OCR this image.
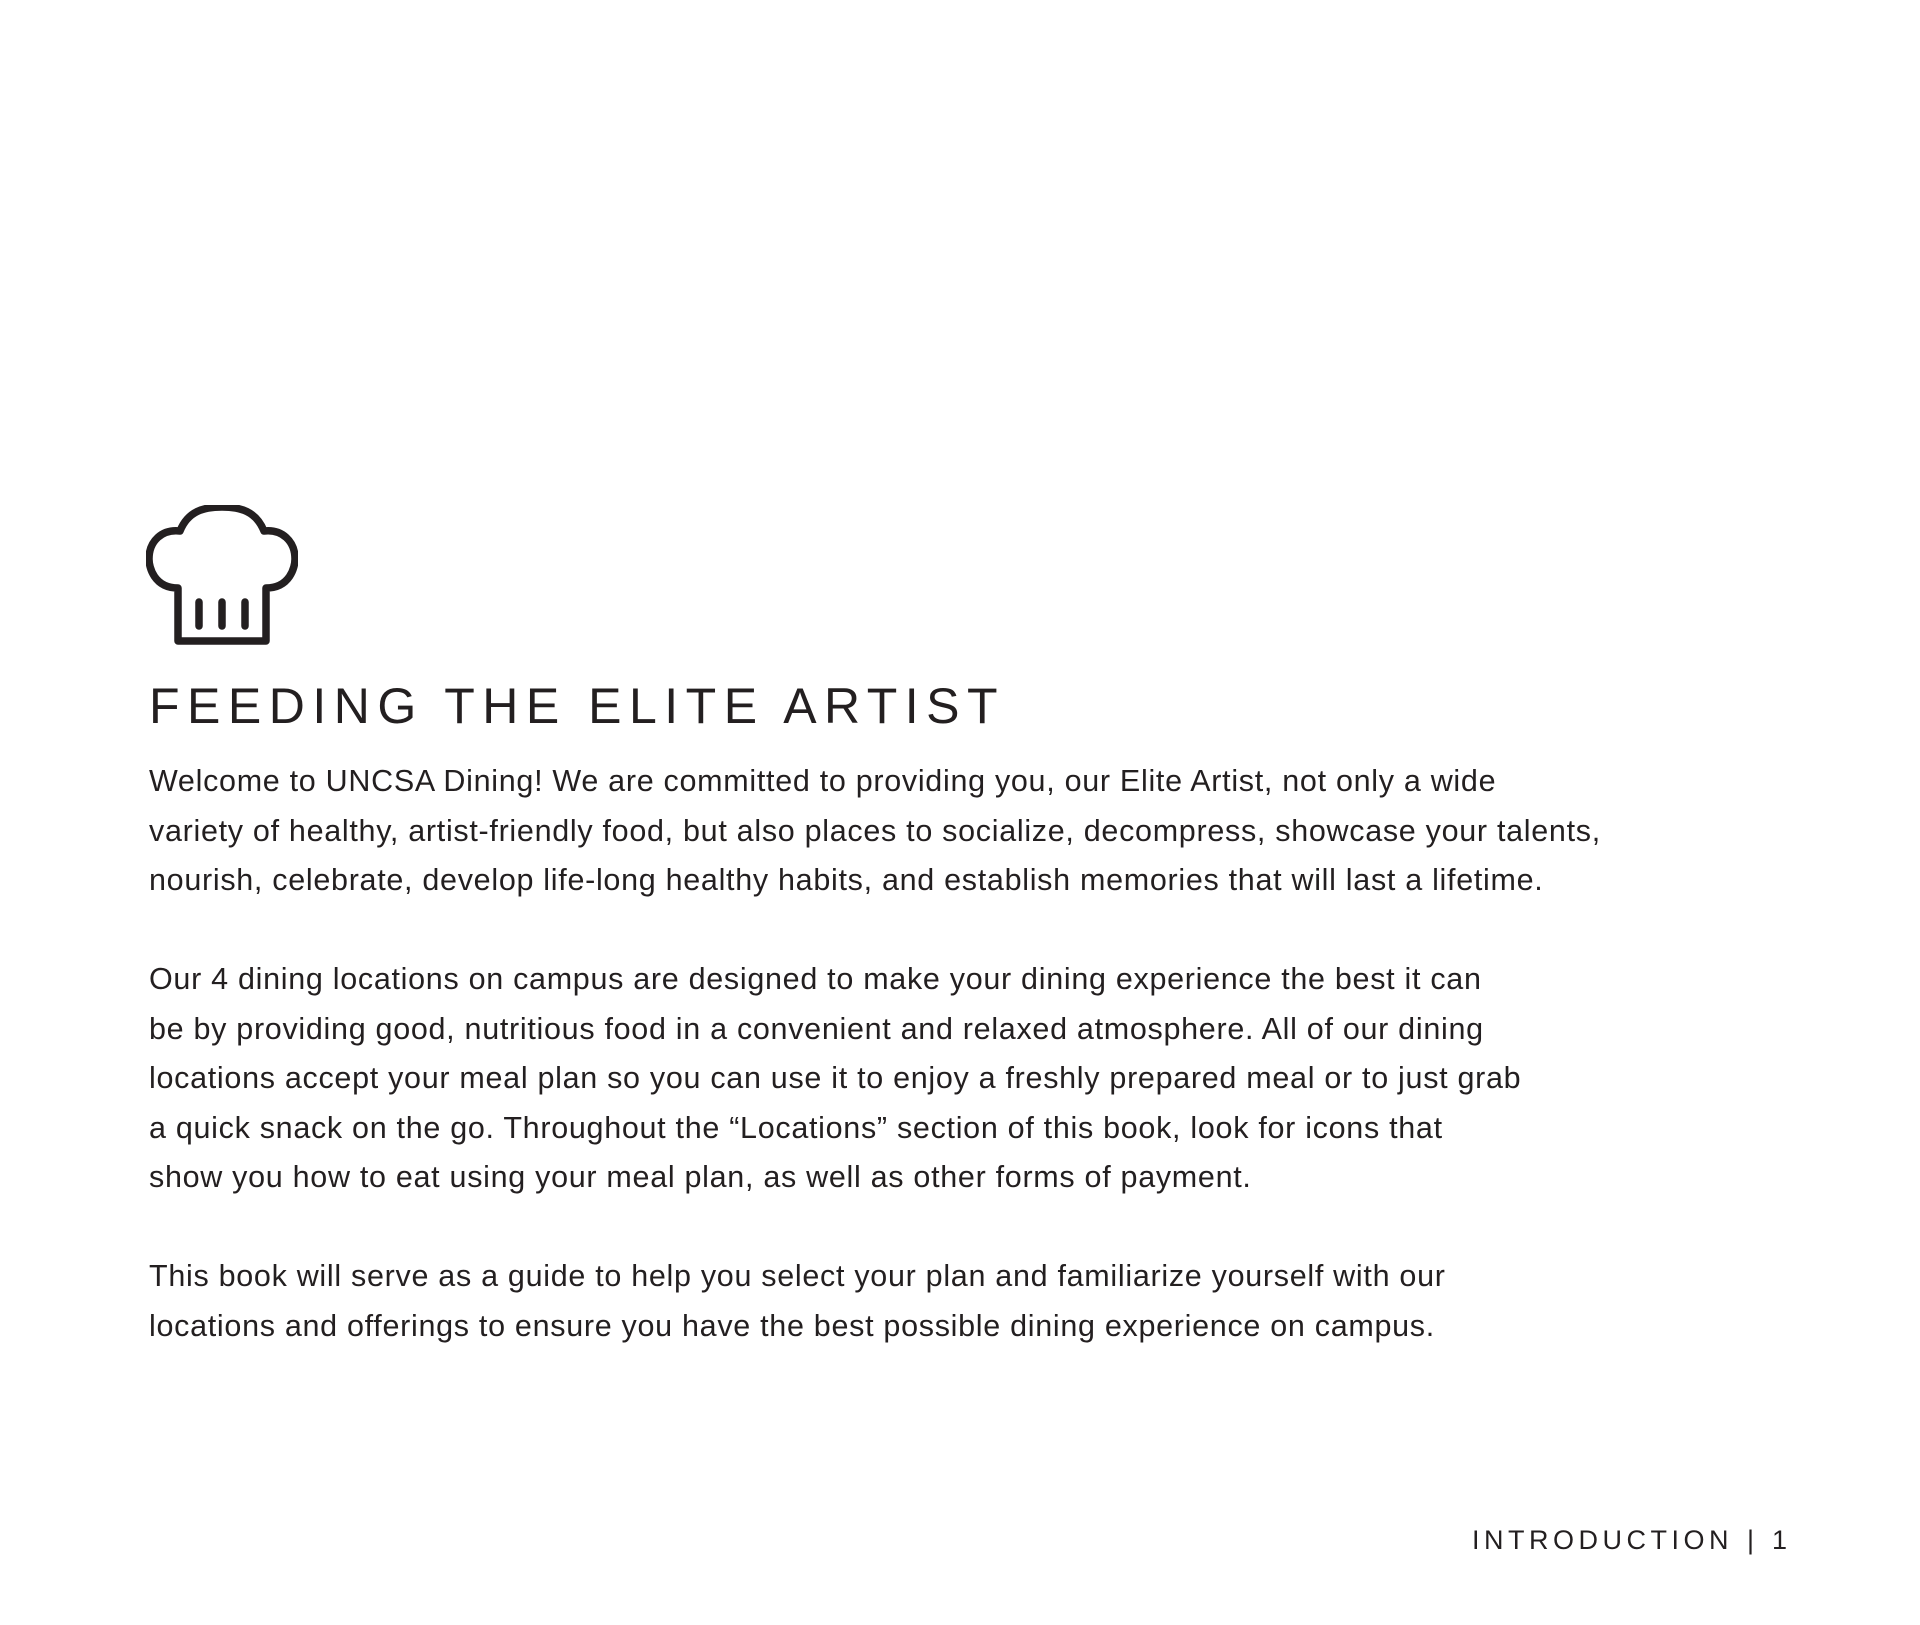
FEEDING THE ELITE ARTIST

Welcome to UNCSA Dining! We are committed to providing you, our Elite Artist, not only a wide
variety of healthy, artist-friendly food, but also places to socialize, decompress, showcase your talents,
nourish, celebrate, develop life-long healthy habits, and establish memories that will last a lifetime.

Our 4 dining locations on campus are designed to make your dining experience the best it can
be by providing good, nutritious food in a convenient and relaxed atmosphere. All of our dining
locations accept your meal plan so you can use it to enjoy a freshly prepared meal or to just grab
a quick snack on the go. Throughout the “Locations” section of this book, look for icons that
show you how to eat using your meal plan, as well as other forms of payment.

This book will serve as a guide to help you select your plan and familiarize yourself with our
locations and offerings to ensure you have the best possible dining experience on campus.

INTRODUCTION | 1
